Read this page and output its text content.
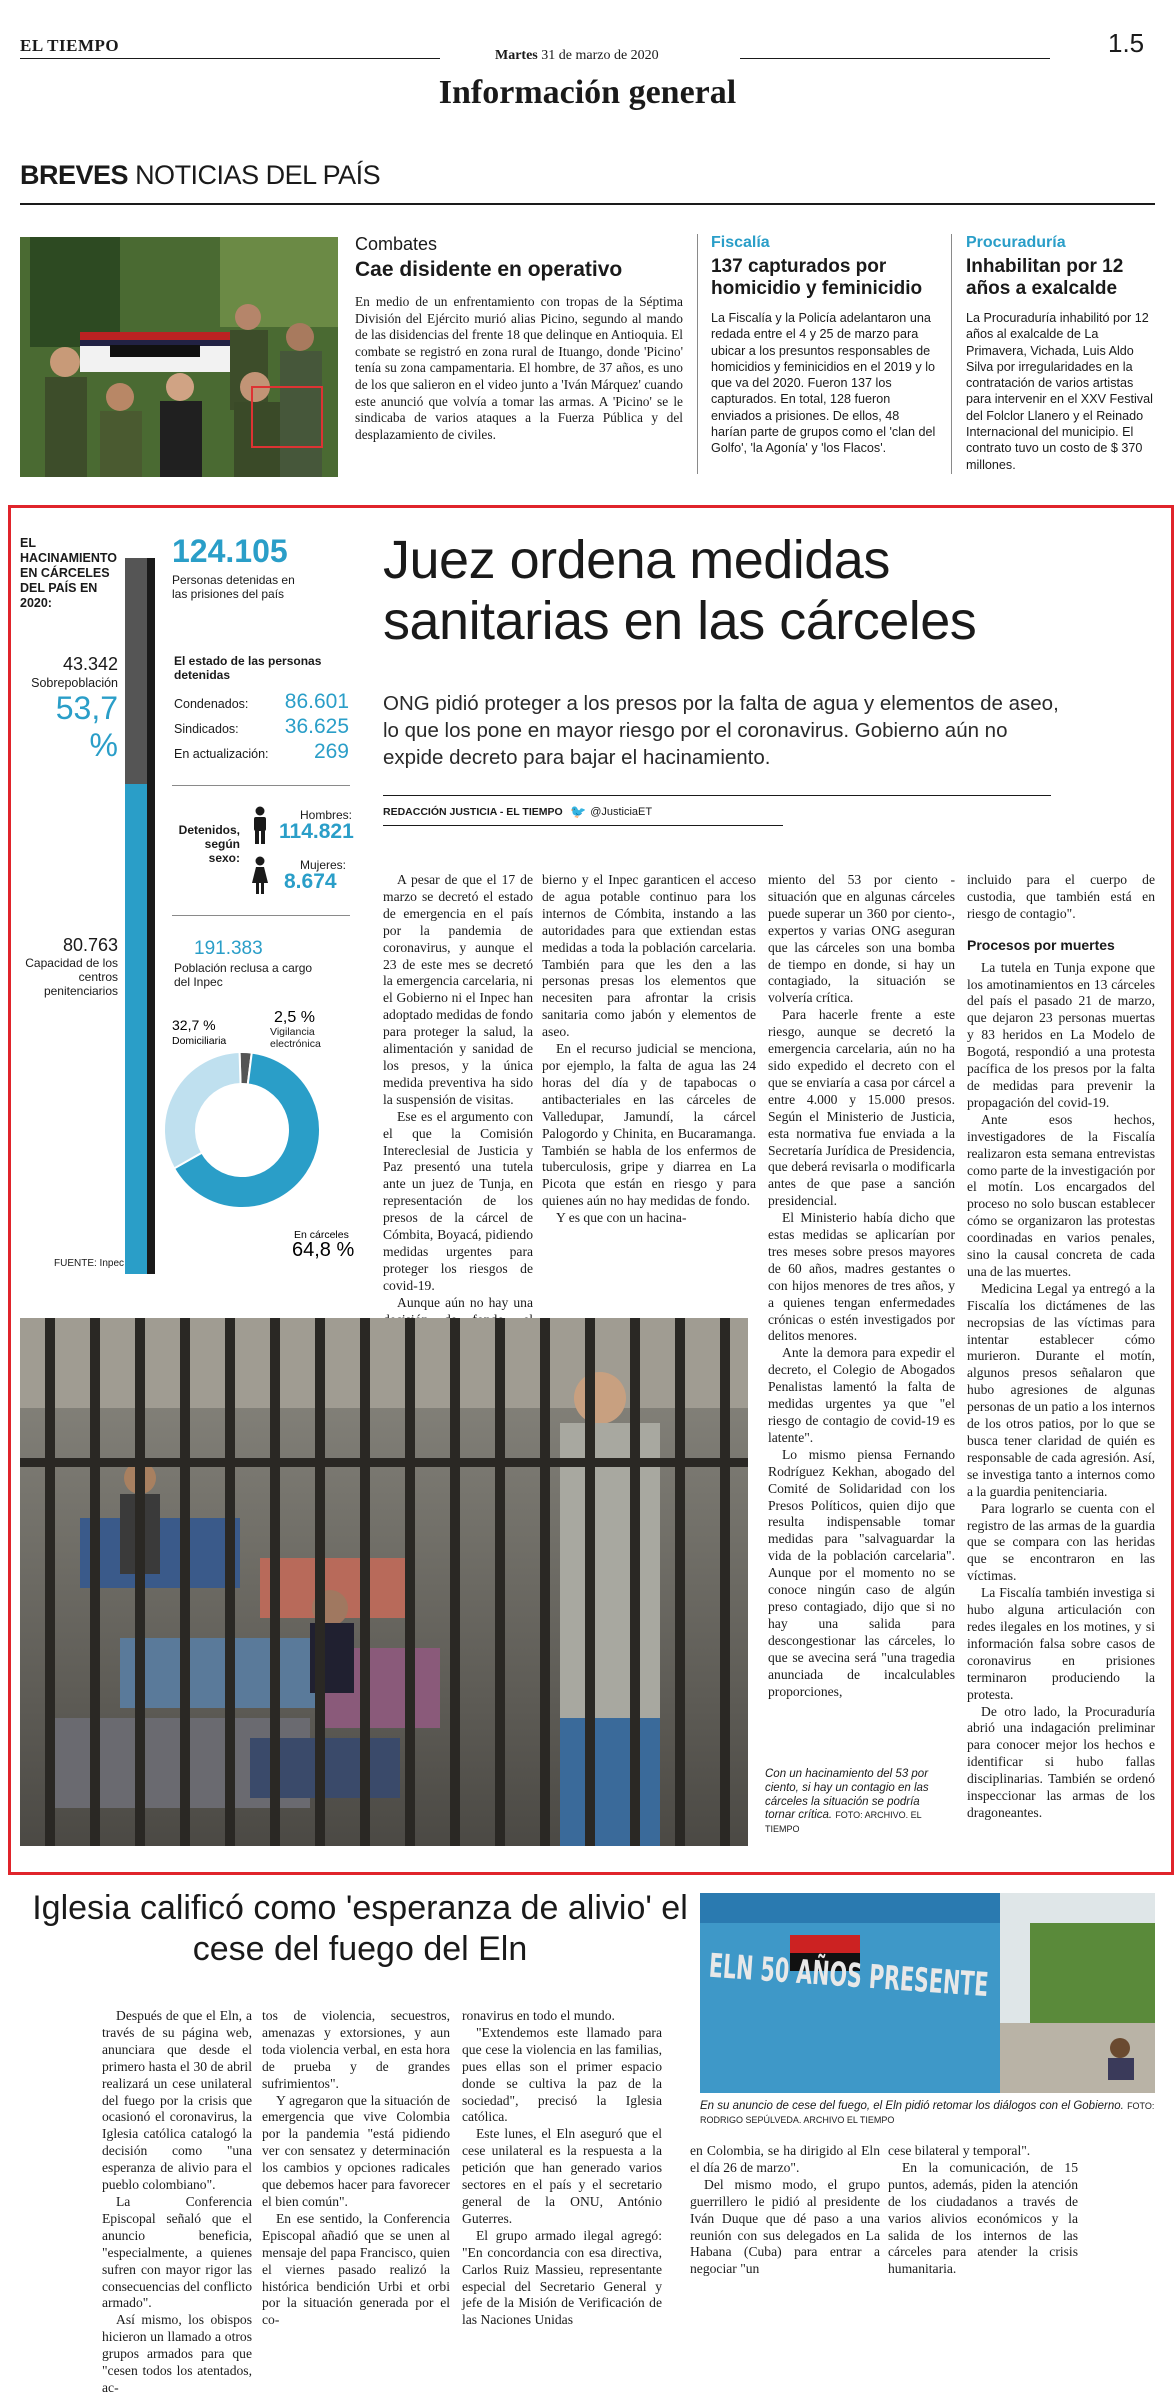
EL TIEMPO
Martes 31 de marzo de 2020	1.5
Información general
BREVES NOTICIAS DEL PAÍS
Combates
Cae disidente en operativo
En medio de un enfrentamiento con tropas de la Séptima División del Ejército murió alias Picino, segundo al mando de las disidencias del frente 18 que delinque en Antioquia. El combate se registró en zona rural de Ituango, donde 'Picino' tenía su zona campamentaria. El hombre, de 37 años, es uno de los que salieron en el video junto a 'Iván Márquez' cuando este anunció que volvía a tomar las armas. A 'Picino' se le sindicaba de varios ataques a la Fuerza Pública y del desplazamiento de civiles.
Fiscalía
137 capturados por homicidio y feminicidio
La Fiscalía y la Policía adelantaron una redada entre el 4 y 25 de marzo para ubicar a los presuntos responsables de homicidios y feminicidios en el 2019 y lo que va del 2020. Fueron 137 los capturados. En total, 128 fueron enviados a prisiones. De ellos, 48 harían parte de grupos como el 'clan del Golfo', 'la Agonía' y 'los Flacos'.
Procuraduría
Inhabilitan por 12 años a exalcalde
La Procuraduría inhabilitó por 12 años al exalcalde de La Primavera, Vichada, Luis Aldo Silva por irregularidades en la contratación de varios artistas para intervenir en el XXV Festival del Folclor Llanero y el Reinado Internacional del municipio. El contrato tuvo un costo de $ 370 millones.
EL HACINAMIENTO EN CÁRCELES DEL PAÍS EN 2020:
43.342
Sobrepoblación
53,7 %
80.763
Capacidad de los centros penitenciarios
124.105
Personas detenidas en las prisiones del país
El estado de las personas detenidas
Condenados: 86.601
Sindicados: 36.625
En actualización: 269
Detenidos, según sexo:
Hombres:
114.821
Mujeres:
8.674
191.383
Población reclusa a cargo del Inpec
32,7 %
Domiciliaria
2,5 %
Vigilancia electrónica
En cárceles
64,8 %
FUENTE: Inpec
Juez ordena medidas sanitarias en las cárceles
ONG pidió proteger a los presos por la falta de agua y elementos de aseo, lo que los pone en mayor riesgo por el coronavirus. Gobierno aún no expide decreto para bajar el hacinamiento.
REDACCIÓN JUSTICIA - EL TIEMPO 🐦 @JusticiaET

A pesar de que el 17 de marzo se decretó el estado de emergencia en el país por la pandemia de coronavirus, y aunque el 23 de este mes se decretó la emergencia carcelaria, ni el Gobierno ni el Inpec han adoptado medidas de fondo para proteger la salud, la alimentación y sanidad de los presos, y la única medida preventiva ha sido la suspensión de visitas.

Ese es el argumento con el que la Comisión Intereclesial de Justicia y Paz presentó una tutela ante un juez de Tunja, en representación de los presos de la cárcel de Cómbita, Boyacá, pidiendo medidas urgentes para proteger los riesgos de covid-19.

Aunque aún no hay una

bierno y el Inpec garanticen el acceso de agua potable continuo para los internos de Cómbita, instando a las autoridades para que extiendan estas medidas a toda la población carcelaria. También para que les den a las personas presas los elementos que necesiten para afrontar la crisis sanitaria como jabón y elementos de aseo.

En el recurso judicial se menciona, por ejemplo, la falta de agua las 24 horas del día y de tapabocas o antibacteriales en las cárceles de Valledupar, Jamundí, la cárcel Palogordo y Chinita, en Bucaramanga. También se habla de los enfermos de tuberculosis, gripe y diarrea en La Picota que están en riesgo y para quienes aún no hay medidas de fondo.

Y es que con un hacina-

miento del 53 por ciento -situación que en algunas cárceles puede superar un 360 por ciento-, expertos y varias ONG aseguran que las cárceles son una bomba de tiempo en donde, si hay un contagiado, la situación se volvería crítica.

Para hacerle frente a este riesgo, aunque se decretó la emergencia carcelaria, aún no ha sido expedido el decreto con el que se enviaría a casa por cárcel a entre 4.000 y 15.000 presos. Según el Ministerio de Justicia, esta normativa fue enviada a la Secretaría Jurídica de Presidencia, que deberá revisarla o modificarla antes de que pase a sanción presidencial.

El Ministerio había dicho que estas medidas se aplicarían por tres meses sobre presos mayores de 60 años, madres gestantes o con hijos menores de tres años, y a quienes tengan enfermedades crónicas o estén investigados por delitos menores.

Ante la demora para expedir el decreto, el Colegio de Abogados Penalistas lamentó la falta de medidas urgentes ya que "el riesgo de contagio de covid-19 es latente".

Lo mismo piensa Fernando Rodríguez Kekhan, abogado del Comité de Solidaridad con los Presos Políticos, quien dijo que resulta indispensable tomar medidas para "salvaguardar la vida de la población carcelaria". Aunque por el momento no se conoce ningún caso de algún preso contagiado, dijo que si no hay una salida para descongestionar las cárceles, lo que se avecina será "una tragedia anunciada de incalculables proporciones,

incluido para el cuerpo de custodia, que también está en riesgo de contagio".

Procesos por muertes

La tutela en Tunja expone que los amotinamientos en 13 cárceles del país el pasado 21 de marzo, que dejaron 23 personas muertas y 83 heridos en La Modelo de Bogotá, respondió a una protesta pacífica de los presos por la falta de medidas para prevenir la propagación del covid-19.

Ante esos hechos, investigadores de la Fiscalía realizaron esta semana entrevistas como parte de la investigación por el motín. Los encargados del proceso no solo buscan establecer cómo se organizaron las protestas coordinadas en varios penales, sino la causal concreta de cada una de las muertes.

Medicina Legal ya entregó a la Fiscalía los dictámenes de las necropsias de las víctimas para intentar establecer cómo murieron. Durante el motín, algunos presos señalaron que hubo agresiones de algunas personas de un patio a los internos de los otros patios, por lo que se busca tener claridad de quién es responsable de cada agresión. Así, se investiga tanto a internos como a la guardia penitenciaria.

Para lograrlo se cuenta con el registro de las armas de la guardia que se compara con las heridas que se encontraron en las víctimas.

La Fiscalía también investiga si hubo alguna articulación con redes ilegales en los motines, y si información falsa sobre casos de coronavirus en prisiones terminaron produciendo la protesta.

De otro lado, la Procuraduría abrió una indagación preliminar para conocer mejor los hechos e identificar si hubo fallas disciplinarias. También se ordenó inspeccionar las armas de los dragoneantes.

Con un hacinamiento del 53 por ciento, si hay un contagio en las cárceles la situación se podría tornar crítica. FOTO: ARCHIVO. EL TIEMPO
Iglesia calificó como 'esperanza de alivio' el cese del fuego del Eln

Después de que el Eln, a través de su página web, anunciara que desde el primero hasta el 30 de abril realizará un cese unilateral del fuego por la crisis que ocasionó el coronavirus, la Iglesia católica catalogó la decisión como "una esperanza de alivio para el pueblo colombiano".

La Conferencia Episcopal señaló que el anuncio beneficia, "especialmente, a quienes sufren con mayor rigor las consecuencias del conflicto armado".

Así mismo, los obispos hicieron un llamado a otros grupos armados para que "cesen todos los atentados, ac-

tos de violencia, secuestros, amenazas y extorsiones, y aun toda violencia verbal, en esta hora de prueba y de grandes sufrimientos".

Y agregaron que la situación de emergencia que vive Colombia por la pandemia "está pidiendo ver con sensatez y determinación los cambios y opciones radicales que debemos hacer para favorecer el bien común".

En ese sentido, la Conferencia Episcopal añadió que se unen al mensaje del papa Francisco, quien el viernes pasado realizó la histórica bendición Urbi et orbi por la situación generada por el co-

ronavirus en todo el mundo.

"Extendemos este llamado para que cese la violencia en las familias, pues ellas son el primer espacio donde se cultiva la paz de la sociedad", precisó la Iglesia católica.

Este lunes, el Eln aseguró que el cese unilateral es la respuesta a la petición que han generado varios sectores en el país y el secretario general de la ONU, António Guterres.

El grupo armado ilegal agregó: "En concordancia con esa directiva, Carlos Ruiz Massieu, representante especial del Secretario General y jefe de la Misión de Verificación de las Naciones Unidas

ELN 50 AÑOS PRESENTE
En su anuncio de cese del fuego, el Eln pidió retomar los diálogos con el Gobierno. FOTO: RODRIGO SEPÚLVEDA. ARCHIVO EL TIEMPO

en Colombia, se ha dirigido al Eln el día 26 de marzo".

Del mismo modo, el grupo guerrillero le pidió al presidente Iván Duque que dé paso a una reunión con sus delegados en La Habana (Cuba) para entrar a negociar "un

cese bilateral y temporal".

En la comunicación, de 15 puntos, además, piden la atención de los ciudadanos a través de varios alivios económicos y la salida de los internos de las cárceles para atender la crisis humanitaria.
